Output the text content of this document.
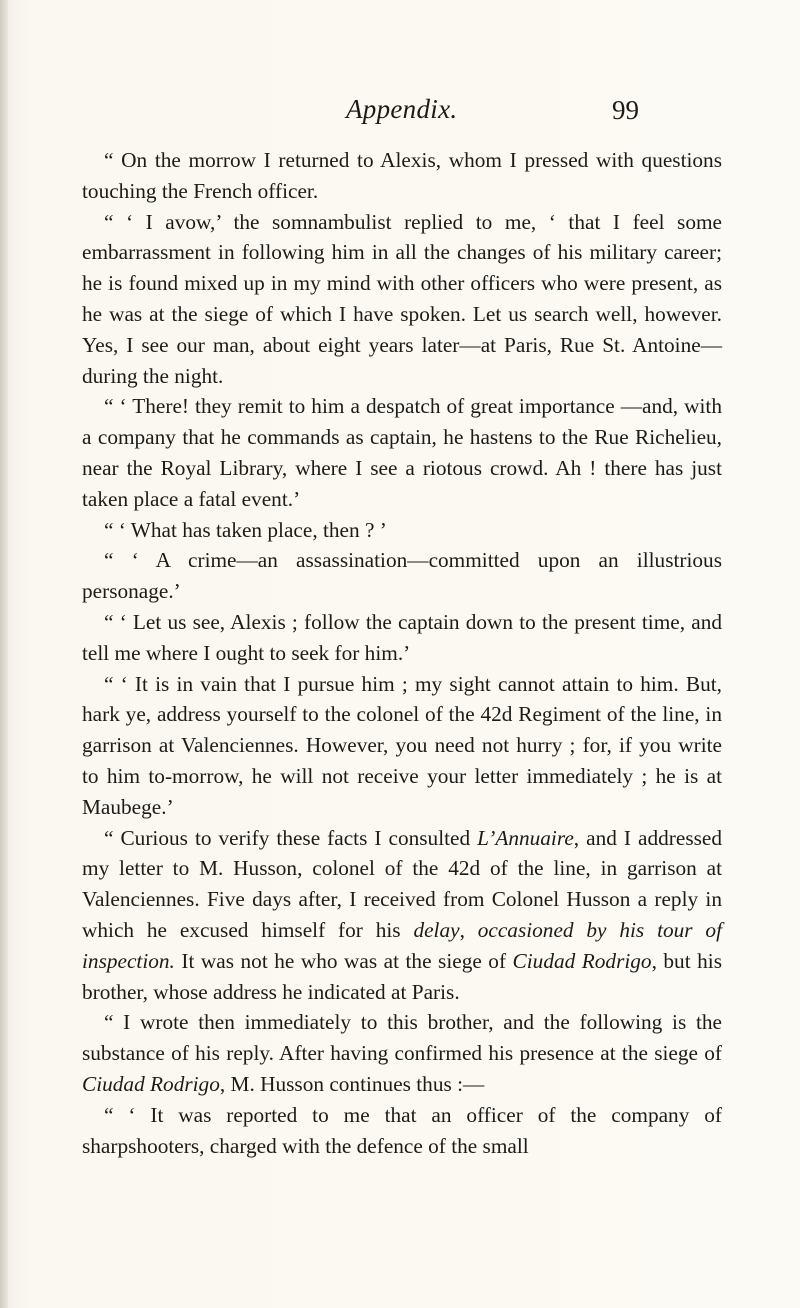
Appendix.	99

“ On the morrow I returned to Alexis, whom I pressed with questions touching the French officer.

“ ‘ I avow,’ the somnambulist replied to me, ‘ that I feel some embarrassment in following him in all the changes of his military career; he is found mixed up in my mind with other officers who were present, as he was at the siege of which I have spoken. Let us search well, however. Yes, I see our man, about eight years later—at Paris, Rue St. Antoine—during the night.

“ ‘ There! they remit to him a despatch of great importance —and, with a company that he commands as captain, he hastens to the Rue Richelieu, near the Royal Library, where I see a riotous crowd. Ah ! there has just taken place a fatal event.’

“ ‘ What has taken place, then ? ’

“ ‘ A crime—an assassination—committed upon an illustrious personage.’

“ ‘ Let us see, Alexis ; follow the captain down to the present time, and tell me where I ought to seek for him.’

“ ‘ It is in vain that I pursue him ; my sight cannot attain to him. But, hark ye, address yourself to the colonel of the 42d Regiment of the line, in garrison at Valenciennes. However, you need not hurry ; for, if you write to him to-morrow, he will not receive your letter immediately ; he is at Maubege.’

“ Curious to verify these facts I consulted L’Annuaire, and I addressed my letter to M. Husson, colonel of the 42d of the line, in garrison at Valenciennes. Five days after, I received from Colonel Husson a reply in which he excused himself for his delay, occasioned by his tour of inspection. It was not he who was at the siege of Ciudad Rodrigo, but his brother, whose address he indicated at Paris.

“ I wrote then immediately to this brother, and the following is the substance of his reply. After having confirmed his presence at the siege of Ciudad Rodrigo, M. Husson continues thus :—

“ ‘ It was reported to me that an officer of the company of sharpshooters, charged with the defence of the small
